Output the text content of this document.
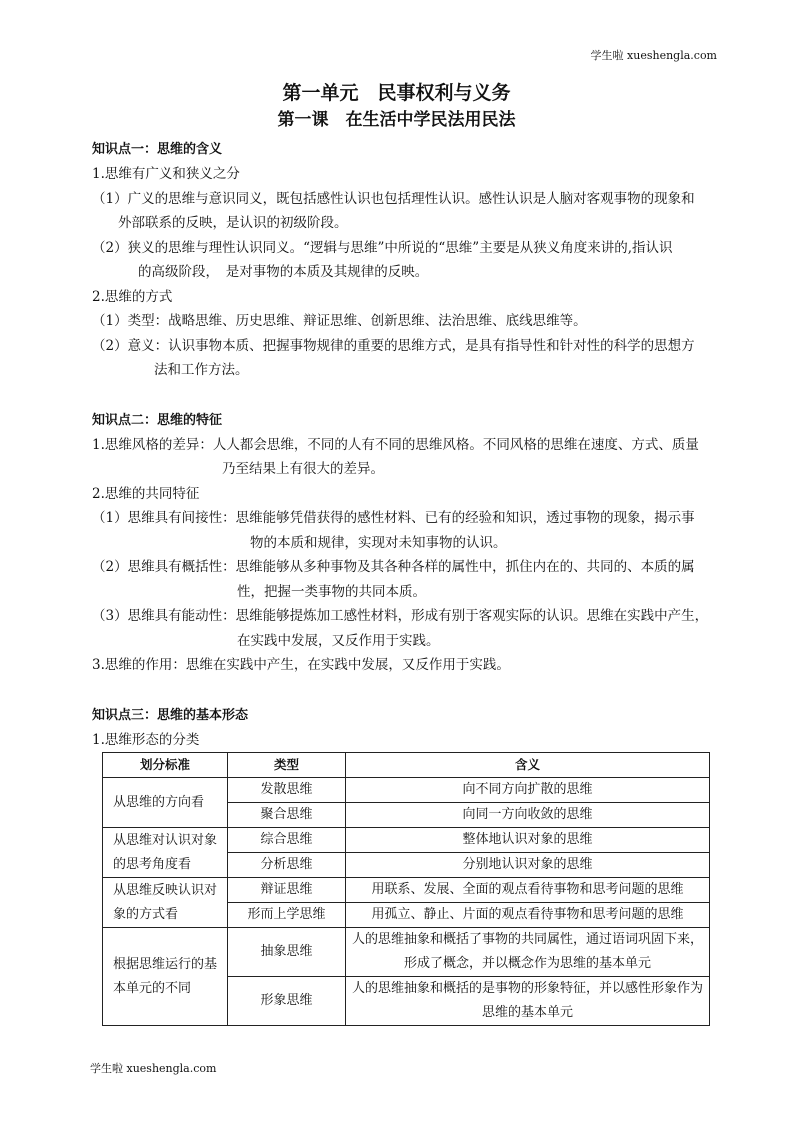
学生啦 xueshengla.com
第一单元　民事权利与义务
第一课　在生活中学民法用民法
知识点一：思维的含义
1.思维有广义和狭义之分
（1）广义的思维与意识同义，既包括感性认识也包括理性认识。感性认识是人脑对客观事物的现象和
外部联系的反映，是认识的初级阶段。
（2）狭义的思维与理性认识同义。“逻辑与思维”中所说的“思维”主要是从狭义角度来讲的,指认识
的高级阶段，　是对事物的本质及其规律的反映。
2.思维的方式
（1）类型：战略思维、历史思维、辩证思维、创新思维、法治思维、底线思维等。
（2）意义：认识事物本质、把握事物规律的重要的思维方式，是具有指导性和针对性的科学的思想方
法和工作方法。
知识点二：思维的特征
1.思维风格的差异：人人都会思维，不同的人有不同的思维风格。不同风格的思维在速度、方式、质量
乃至结果上有很大的差异。
2.思维的共同特征
（1）思维具有间接性：思维能够凭借获得的感性材料、已有的经验和知识，透过事物的现象，揭示事
物的本质和规律，实现对未知事物的认识。
（2）思维具有概括性：思维能够从多种事物及其各种各样的属性中，抓住内在的、共同的、本质的属
性，把握一类事物的共同本质。
（3）思维具有能动性：思维能够提炼加工感性材料，形成有别于客观实际的认识。思维在实践中产生，
在实践中发展，又反作用于实践。
3.思维的作用：思维在实践中产生，在实践中发展，又反作用于实践。
知识点三：思维的基本形态
1.思维形态的分类
划分标准	类型	含义
从思维的方向看	发散思维	向不同方向扩散的思维
	聚合思维	向同一方向收敛的思维
从思维对认识对象的思考角度看	综合思维	整体地认识对象的思维
	分析思维	分别地认识对象的思维
从思维反映认识对象的方式看	辩证思维	用联系、发展、全面的观点看待事物和思考问题的思维
	形而上学思维	用孤立、静止、片面的观点看待事物和思考问题的思维
根据思维运行的基本单元的不同	抽象思维	人的思维抽象和概括了事物的共同属性，通过语词巩固下来，形成了概念，并以概念作为思维的基本单元
	形象思维	人的思维抽象和概括的是事物的形象特征，并以感性形象作为思维的基本单元
学生啦 xueshengla.com
